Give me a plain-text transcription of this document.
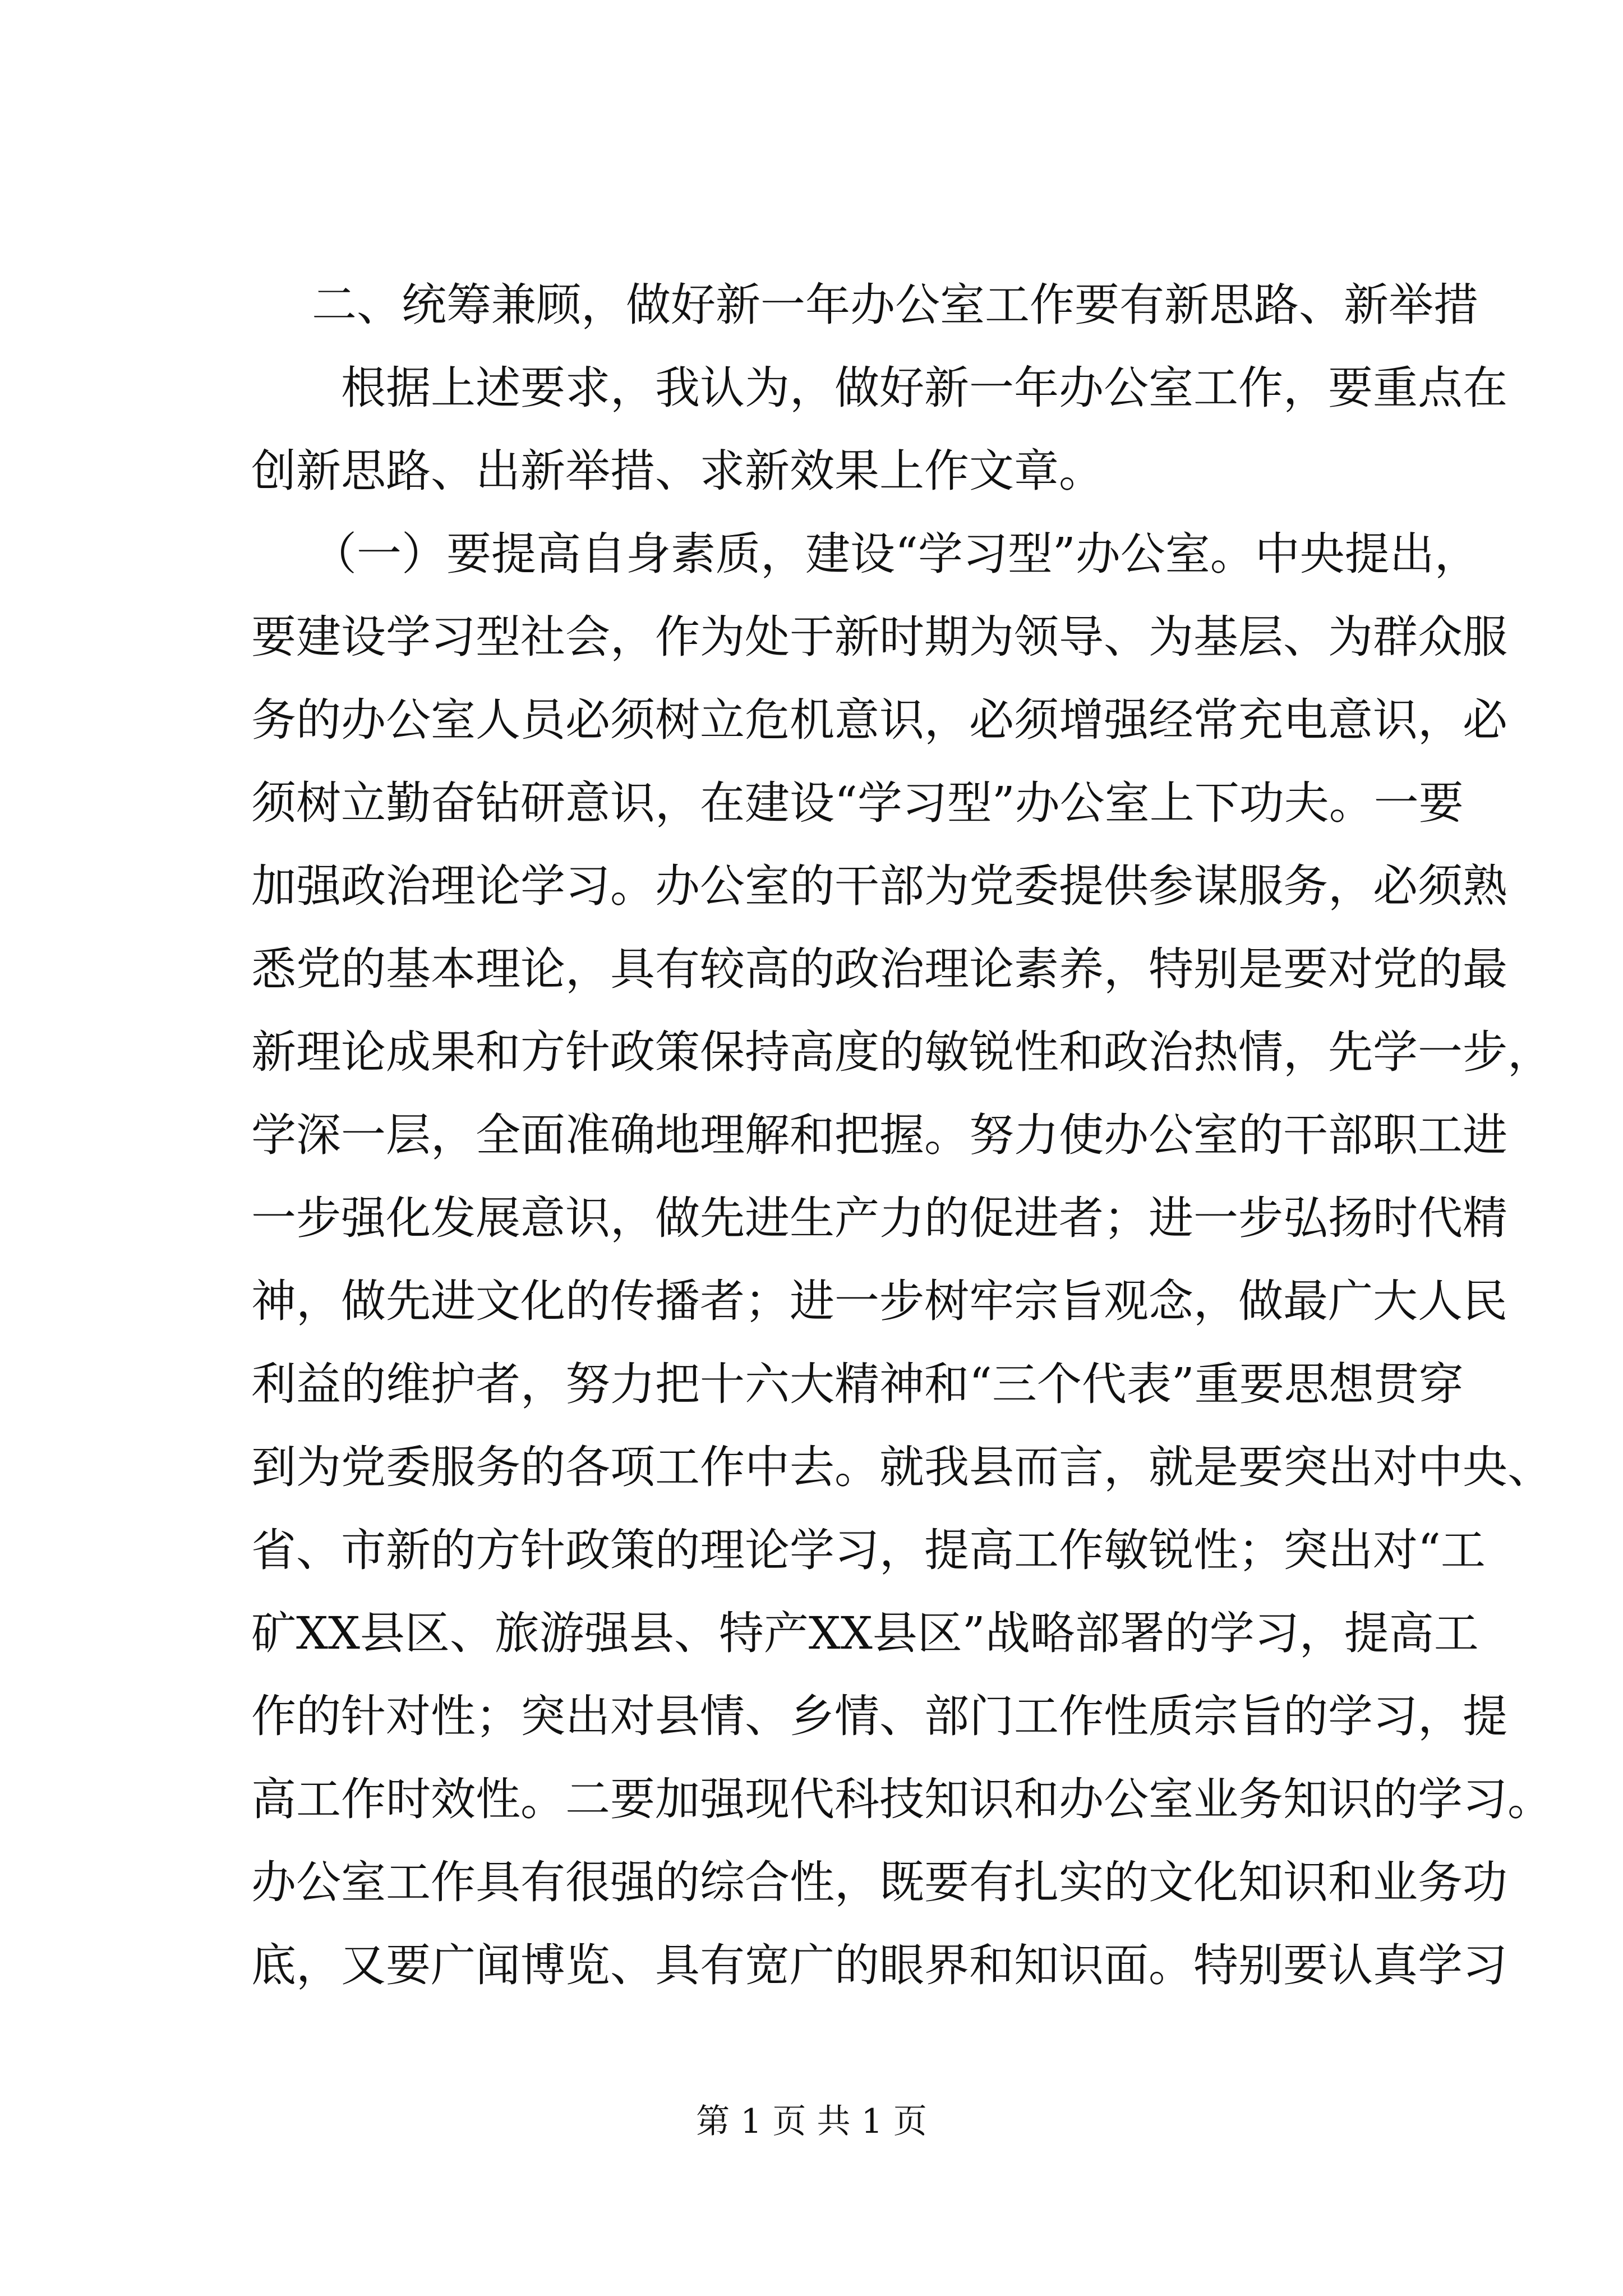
二、统筹兼顾，做好新一年办公室工作要有新思路、新举措
根据上述要求，我认为，做好新一年办公室工作，要重点在
创新思路、出新举措、求新效果上作文章。
（一）要提高自身素质，建设“学习型”办公室。中央提出，
要建设学习型社会，作为处于新时期为领导、为基层、为群众服
务的办公室人员必须树立危机意识，必须增强经常充电意识，必
须树立勤奋钻研意识，在建设“学习型”办公室上下功夫。一要
加强政治理论学习。办公室的干部为党委提供参谋服务，必须熟
悉党的基本理论，具有较高的政治理论素养，特别是要对党的最
新理论成果和方针政策保持高度的敏锐性和政治热情，先学一步，
学深一层，全面准确地理解和把握。努力使办公室的干部职工进
一步强化发展意识，做先进生产力的促进者；进一步弘扬时代精
神，做先进文化的传播者；进一步树牢宗旨观念，做最广大人民
利益的维护者，努力把十六大精神和“三个代表”重要思想贯穿
到为党委服务的各项工作中去。就我县而言，就是要突出对中央、
省、市新的方针政策的理论学习，提高工作敏锐性；突出对“工
矿XX县区、旅游强县、特产XX县区”战略部署的学习，提高工
作的针对性；突出对县情、乡情、部门工作性质宗旨的学习，提
高工作时效性。二要加强现代科技知识和办公室业务知识的学习。
办公室工作具有很强的综合性，既要有扎实的文化知识和业务功
底，又要广闻博览、具有宽广的眼界和知识面。特别要认真学习
第 1 页 共 1 页
